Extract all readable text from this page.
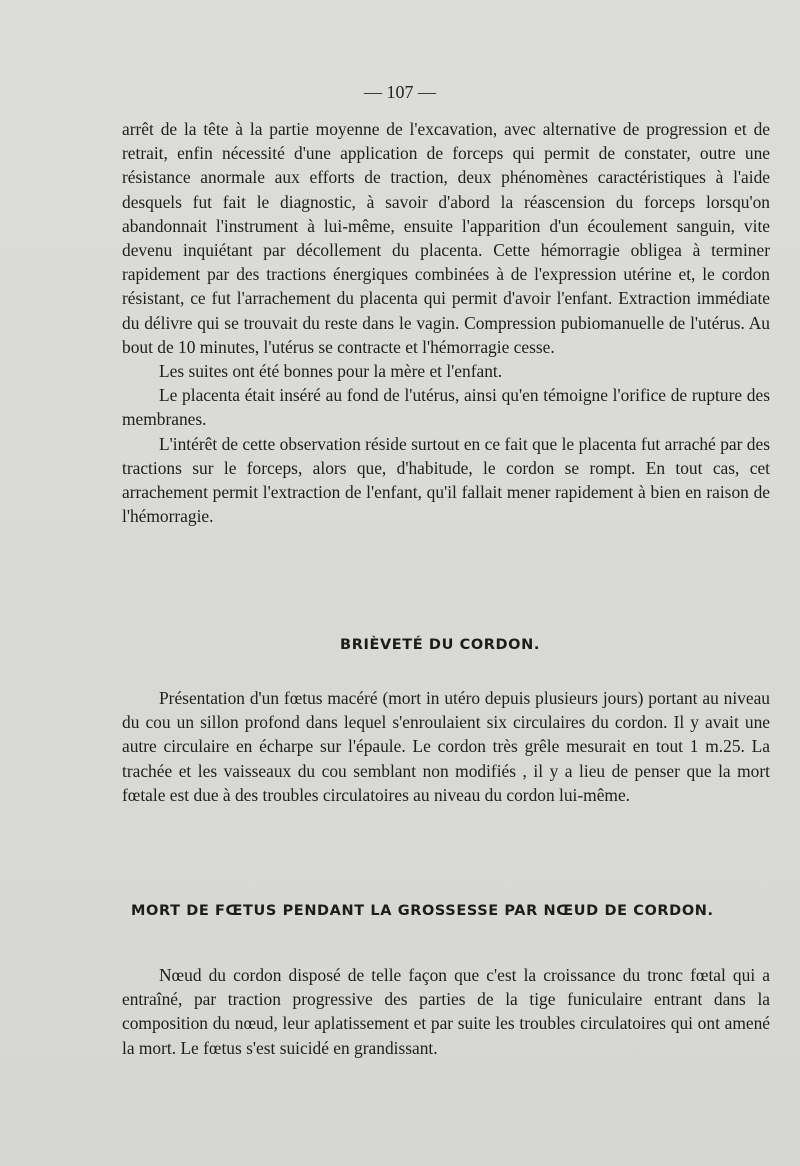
— 107 —

arrêt de la tête à la partie moyenne de l'excavation, avec alternative de progression et de retrait, enfin nécessité d'une application de forceps qui permit de constater, outre une résistance anormale aux efforts de traction, deux phénomènes caractéristiques à l'aide desquels fut fait le diagnostic, à savoir d'abord la réascension du forceps lorsqu'on abandonnait l'instrument à lui-même, ensuite l'apparition d'un écoulement sanguin, vite devenu inquiétant par décollement du placenta. Cette hémorragie obligea à terminer rapidement par des tractions énergiques combinées à de l'expression utérine et, le cordon résistant, ce fut l'arrachement du placenta qui permit d'avoir l'enfant. Extraction immédiate du délivre qui se trouvait du reste dans le vagin. Compression pubiomanuelle de l'utérus. Au bout de 10 minutes, l'utérus se contracte et l'hémorragie cesse.

Les suites ont été bonnes pour la mère et l'enfant.

Le placenta était inséré au fond de l'utérus, ainsi qu'en témoigne l'orifice de rupture des membranes.

L'intérêt de cette observation réside surtout en ce fait que le placenta fut arraché par des tractions sur le forceps, alors que, d'habitude, le cordon se rompt. En tout cas, cet arrachement permit l'extraction de l'enfant, qu'il fallait mener rapidement à bien en raison de l'hémorragie.

BRIÈVETÉ DU CORDON.

Présentation d'un fœtus macéré (mort in utéro depuis plusieurs jours) portant au niveau du cou un sillon profond dans lequel s'enroulaient six circulaires du cordon. Il y avait une autre circulaire en écharpe sur l'épaule. Le cordon très grêle mesurait en tout 1 m.25. La trachée et les vaisseaux du cou semblant non modifiés , il y a lieu de penser que la mort fœtale est due à des troubles circulatoires au niveau du cordon lui-même.

MORT DE FŒTUS PENDANT LA GROSSESSE PAR NŒUD DE CORDON.

Nœud du cordon disposé de telle façon que c'est la croissance du tronc fœtal qui a entraîné, par traction progressive des parties de la tige funiculaire entrant dans la composition du nœud, leur aplatissement et par suite les troubles circulatoires qui ont amené la mort. Le fœtus s'est suicidé en grandissant.
